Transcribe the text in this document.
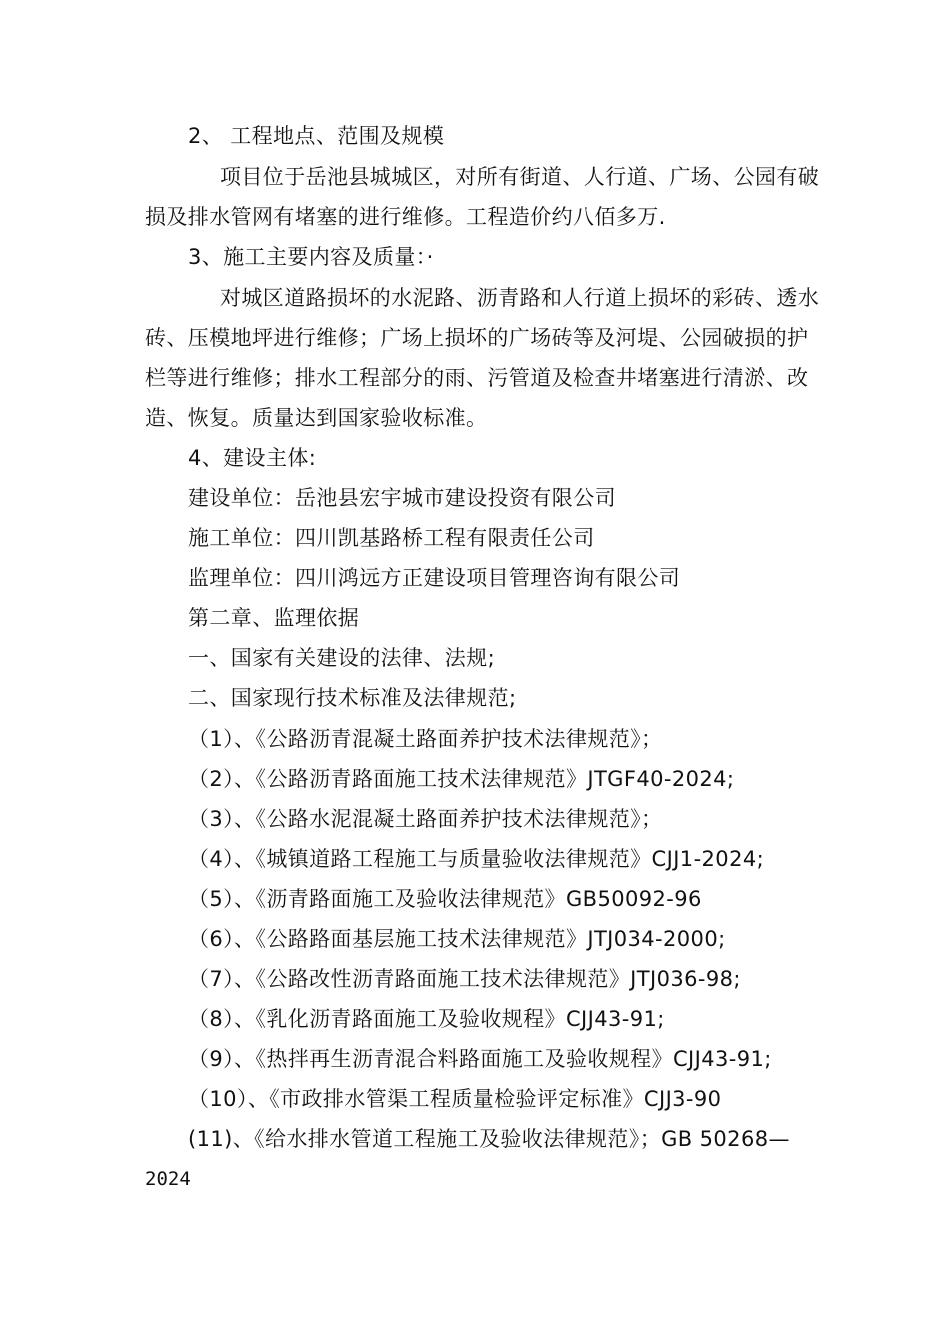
2、 工程地点、范围及规模
项目位于岳池县城城区，对所有街道、人行道、广场、公园有破
损及排水管网有堵塞的进行维修。工程造价约八佰多万.
3、施工主要内容及质量：·
对城区道路损坏的水泥路、沥青路和人行道上损坏的彩砖、透水
砖、压模地坪进行维修；广场上损坏的广场砖等及河堤、公园破损的护
栏等进行维修；排水工程部分的雨、污管道及检查井堵塞进行清淤、改
造、恢复。质量达到国家验收标准。
4、建设主体:
建设单位：岳池县宏宇城市建设投资有限公司
施工单位：四川凯基路桥工程有限责任公司
监理单位：四川鸿远方正建设项目管理咨询有限公司
第二章、监理依据
一、国家有关建设的法律、法规;
二、国家现行技术标准及法律规范;
（1）、《公路沥青混凝土路面养护技术法律规范》；
（2）、《公路沥青路面施工技术法律规范》JTGF40-2024;
（3）、《公路水泥混凝土路面养护技术法律规范》；
（4）、《城镇道路工程施工与质量验收法律规范》CJJ1-2024;
（5）、《沥青路面施工及验收法律规范》GB50092-96
（6）、《公路路面基层施工技术法律规范》JTJ034-2000;
（7）、《公路改性沥青路面施工技术法律规范》JTJ036-98;
（8）、《乳化沥青路面施工及验收规程》CJJ43-91;
（9）、《热拌再生沥青混合料路面施工及验收规程》CJJ43-91;
（10）、《市政排水管渠工程质量检验评定标准》CJJ3-90
(11)、《给水排水管道工程施工及验收法律规范》；GB 50268—
2024
